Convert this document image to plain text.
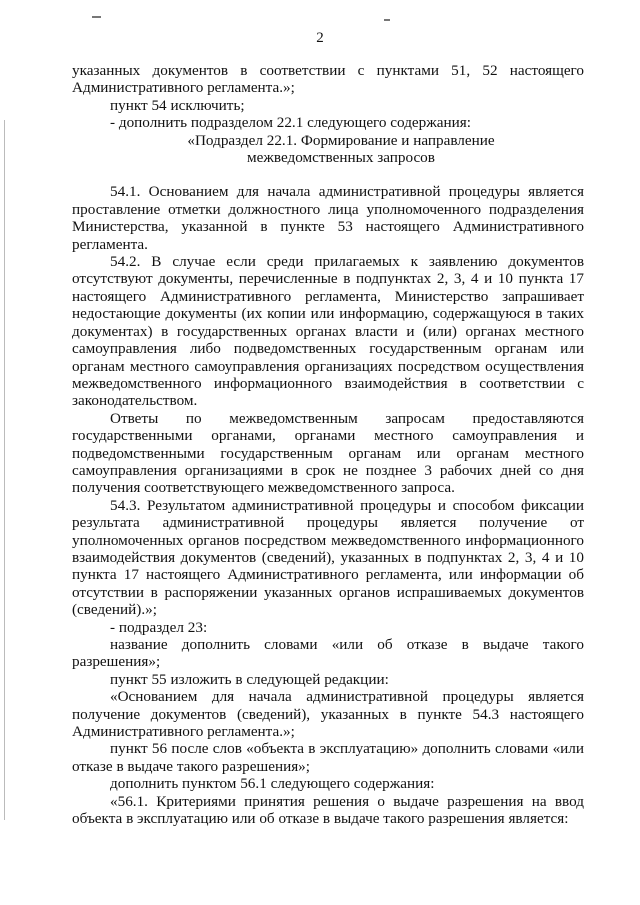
2

указанных документов в соответствии с пунктами 51, 52 настоящего Административного регламента.»;

пункт 54 исключить;

- дополнить подразделом 22.1 следующего содержания:

«Подраздел 22.1. Формирование и направление межведомственных запросов

54.1. Основанием для начала административной процедуры является проставление отметки должностного лица уполномоченного подразделения Министерства, указанной в пункте 53 настоящего Административного регламента.

54.2. В случае если среди прилагаемых к заявлению документов отсутствуют документы, перечисленные в подпунктах 2, 3, 4 и 10 пункта 17 настоящего Административного регламента, Министерство запрашивает недостающие документы (их копии или информацию, содержащуюся в таких документах) в государственных органах власти и (или) органах местного самоуправления либо подведомственных государственным органам или органам местного самоуправления организациях посредством осуществления межведомственного информационного взаимодействия в соответствии с законодательством.

Ответы по межведомственным запросам предоставляются государственными органами, органами местного самоуправления и подведомственными государственным органам или органам местного самоуправления организациями в срок не позднее 3 рабочих дней со дня получения соответствующего межведомственного запроса.

54.3. Результатом административной процедуры и способом фиксации результата административной процедуры является получение от уполномоченных органов посредством межведомственного информационного взаимодействия документов (сведений), указанных в подпунктах 2, 3, 4 и 10 пункта 17 настоящего Административного регламента, или информации об отсутствии в распоряжении указанных органов испрашиваемых документов (сведений).»;

- подраздел 23:

название дополнить словами «или об отказе в выдаче такого разрешения»;

пункт 55 изложить в следующей редакции:

«Основанием для начала административной процедуры является получение документов (сведений), указанных в пункте 54.3 настоящего Административного регламента.»;

пункт 56 после слов «объекта в эксплуатацию» дополнить словами «или отказе в выдаче такого разрешения»;

дополнить пунктом 56.1 следующего содержания:

«56.1. Критериями принятия решения о выдаче разрешения на ввод объекта в эксплуатацию или об отказе в выдаче такого разрешения является:
